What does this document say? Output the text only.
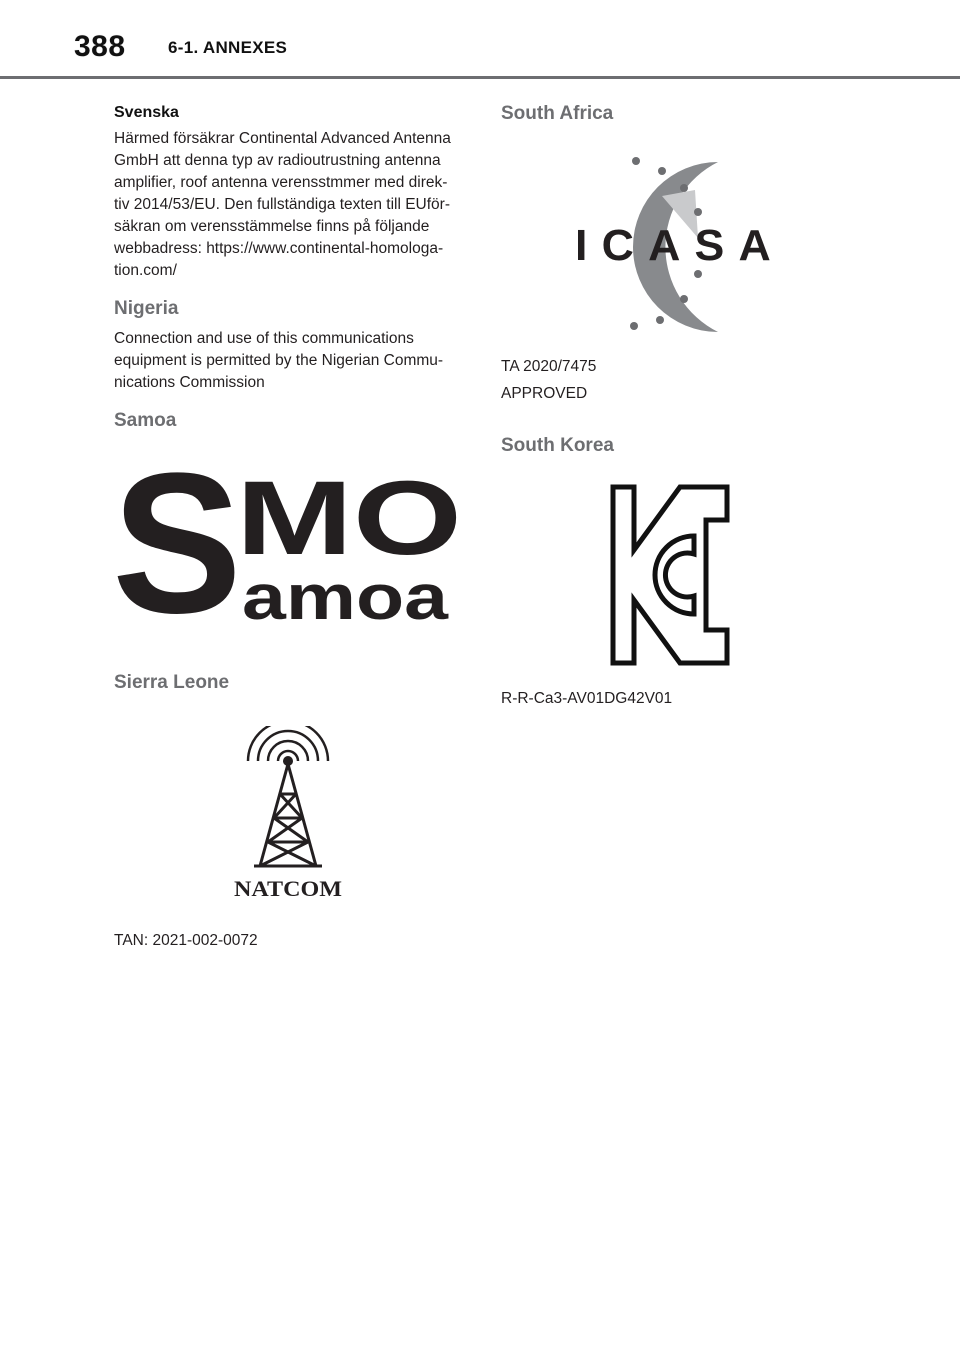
388 6-1. ANNEXES
Svenska

Härmed försäkrar Continental Advanced Antenna
GmbH att denna typ av radioutrustning antenna
amplifier, roof antenna verensstmmer med direk-
tiv 2014/53/EU. Den fullständiga texten till EUför-
säkran om verensstämmelse finns på följande
webbadress: https://www.continental-homologa-
tion.com/

Nigeria

Connection and use of this communications
equipment is permitted by the Nigerian Commu-
nications Commission

Samoa
S
MO
amoa
Sierra Leone
NATCOM

TAN: 2021-002-0072

South Africa
ICASA

TA 2020/7475

APPROVED

South Korea

R-R-Ca3-AV01DG42V01
